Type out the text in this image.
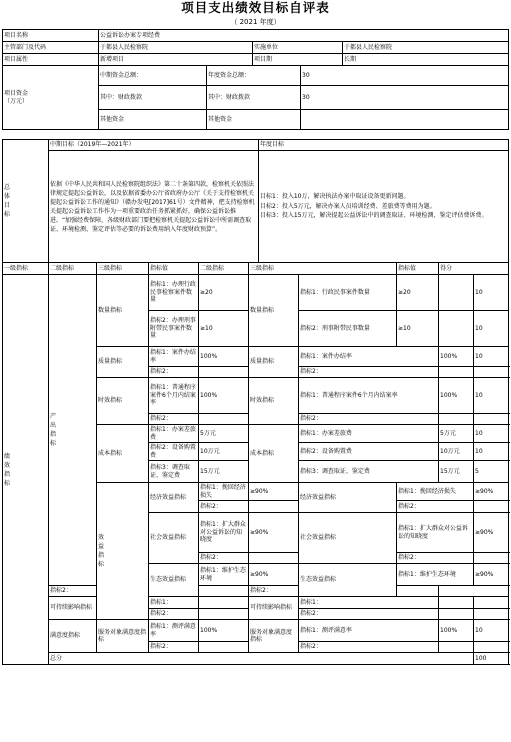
项目支出绩效目标自评表
（ 2021 年度）
项目名称	公益诉讼办案专项经费				
主管部门及代码	于都县人民检察院		实施单位		于都县人民检察院
项目属性	新增项目		项目期		长期
项目资金
（万元）	中期资金总额：	年度资金总额：		30	
	其中：财政拨款	其中：财政拨款		30	
	其他资金	其他资金			
总体目标	中期目标（2019年—2021年）	年度目标
	依据《中华人民共和国人民检察院组织法》第二十条第四款，检察机关依照法律规定提起公益诉讼，以及依据省委办公厅省政府办公厅《关于支持检察机关提起公益诉讼工作的通知》（赣办发电[2017]61号）文件精神，把支持检察机关提起公益诉讼工作作为一项重要政治任务抓紧抓好，确保公益诉讼推进。“加强经费保障，各级财政部门要把检察机关提起公益诉讼中所需调查取证、环境检测、鉴定评估等必要的诉讼费用纳入年度财政预算”。	目标1：投入10万，解决执法办案中取证设备更新问题。
目标2：投入5万元，解决办案人员培训经费、差旅费等费用为题。
目标3：投入15万元，解决提起公益诉讼中的调查取证、环境检测、鉴定评估费诉费。
一级指标	二级指标	三级指标	指标值	二级指标	三级指标		指标值	得分		
绩效指标	产出指标	数量指标	指标1：办理行政民事检察案件数量	≥20	数量指标	指标1：行政民事案件数量	≥20		10	
			指标2：办理刑事附带民事案件数量	≥10		指标2：刑事附带民事数量	≥10		10	
		质量指标	指标1：案件办结率	100%	质量指标	指标1：案件办结率		100%	10	
			指标2：			指标2：				
		时效指标	指标1：普通程序案件6个月内结案率	100%	时效指标	指标1：普通程序案件6个月内结案率		100%	10	
			指标2：			指标2：				
		成本指标	指标1：办案差旅费	5万元	成本指标	指标1：办案差旅费		5万元	10	
			指标2：设备购置费	10万元		指标2：设备购置费		10万元	10	
			指标3：调查取证、鉴定费	15万元		指标3：调查取证、鉴定费		15万元	5	
		效益指标	经济效益指标	指标1：挽回经济损失	≥90%	经济效益指标	指标1：挽回经济损失		≥90%	
				指标2：			指标2：			
			社会效益指标	指标1：扩大群众对公益诉讼的知晓度	≥90%	社会效益指标	指标1：扩大群众对公益诉讼的知晓度		≥90%	
				指标2：			指标2：			
			生态效益指标	指标1：维护生态环境	≥90%	生态效益指标	指标1：维护生态环境		≥90%	
	指标2：				指标2：					
	可持续影响指标		指标1：		可持续影响指标	指标1：				
			指标2：			指标2：				
	满意度指标	服务对象满意度指标	指标1：测评满意率	100%	服务对象满意度指标	指标1：测评满意率		100%	10	
			指标2：			指标2：				
	总分								100	
